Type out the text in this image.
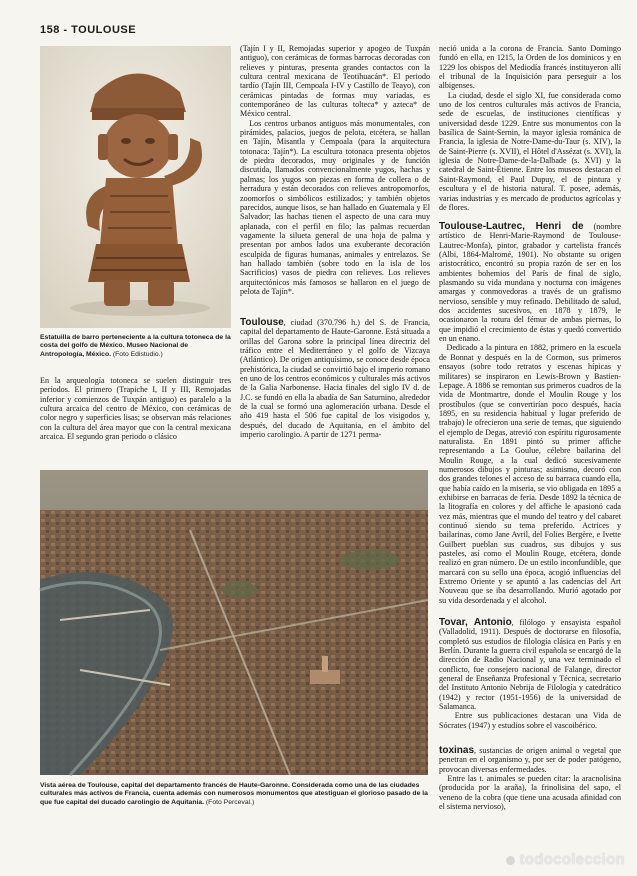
158 - TOULOUSE
Estatuilla de barro perteneciente a la cultura totoneca de la costa del golfo de México. Museo Nacional de Antropología, México. (Foto Edistudio.)
En la arqueología totoneca se suelen distinguir tres períodos. El primero (Trapiche I, II y III, Remojadas inferior y comienzos de Tuxpán antiguo) es paralelo a la cultura arcaica del centro de México, con cerámicas de color negro y superficies lisas; se observan más relaciones con la cultura del área mayor que con la central mexicana arcaica. El segundo gran periodo o clásico
(Tajín I y II, Remojadas superior y apogeo de Tuxpán antiguo), con cerámicas de formas barrocas decoradas con relieves y pinturas, presenta grandes contactos con la cultura central mexicana de Teotihuacán*. El periodo tardío (Tajín III, Cempoala I-IV y Castillo de Teayo), con cerámicas pintadas de formas muy variadas, es contemporáneo de las culturas tolteca* y azteca* de México central.
Los centros urbanos antiguos más monumentales, con pirámides, palacios, juegos de pelota, etcétera, se hallan en Tajín, Misantla y Cempoala (para la arquitectura totonaca: Tajín*). La escultura totonaca presenta objetos de piedra decorados, muy originales y de función discutida, llamados convencionalmente yugos, hachas y palmas; los yugos son piezas en forma de collera o de herradura y están decorados con relieves antropomorfos, zoomorfos o simbólicos estilizados; y también objetos parecidos, aunque lisos, se han hallado en Guatemala y El Salvador; las hachas tienen el aspecto de una cara muy aplanada, con el perfil en filo; las palmas recuerdan vagamente la silueta general de una hoja de palma y presentan por ambos lados una exuberante decoración esculpida de figuras humanas, animales y entrelazos. Se han hallado también (sobre todo en la isla de los Sacrificios) vasos de piedra con relieves. Los relieves arquitectónicos más famosos se hallaron en el juego de pelota de Tajín*.
Toulouse, ciudad (370.796 h.) del S. de Francia, capital del departamento de Haute-Garonne. Está situada a orillas del Garona sobre la principal línea directriz del tráfico entre el Mediterráneo y el golfo de Vizcaya (Atlántico). De origen antiquísimo, se conoce desde época prehistórica, la ciudad se convirtió bajo el imperio romano en uno de los centros económicos y culturales más activos de la Galia Narbonense. Hacia finales del siglo IV d. de J.C. se fundó en ella la abadía de San Saturnino, alrededor de la cual se formó una aglomeración urbana. Desde el año 419 hasta el 506 fue capital de los visigodos y, después, del ducado de Aquitania, en el ámbito del imperio carolingio. A partir de 1271 perma-
Vista aérea de Toulouse, capital del departamento francés de Haute-Garonne. Considerada como una de las ciudades culturales más activos de Francia, cuenta además con numerosos monumentos que atestiguan el glorioso pasado de la que fue capital del ducado carolingio de Aquitania. (Foto Perceval.)
neció unida a la corona de Francia. Santo Domingo fundó en ella, en 1215, la Orden de los dominicos y en 1229 los obispos del Mediodía francés instituyeron allí el tribunal de la Inquisición para perseguir a los albigenses.
La ciudad, desde el siglo XI, fue considerada como uno de los centros culturales más activos de Francia, sede de escuelas, de instituciones científicas y universidad desde 1229. Entre sus monumentos con la basílica de Saint-Sernin, la mayor iglesia románica de Francia, la iglesia de Notre-Dame-du-Taur (s. XIV), la de Saint-Pierre (s. XVII), el Hôtel d'Assézat (s. XVI), la iglesia de Notre-Dame-de-la-Dalbade (s. XVI) y la catedral de Saint-Étienne. Entre los museos destacan el Saint-Raymond, el Paul Dupuy, el de pintura y escultura y el de historia natural. T. posee, además, varias industrias y es mercado de productos agrícolas y de flores.
Toulouse-Lautrec, Henri de (nombre artístico de Henri-Marie-Raymond de Toulouse-Lautrec-Monfa), pintor, grabador y cartelista francés (Albi, 1864-Malromé, 1901). No obstante su origen aristocrático, encontró su propia razón de ser en los ambientes bohemios del París de final de siglo, plasmando su vida mundana y nocturna con imágenes amargas y conmovedoras a través de un grafismo nervioso, sensible y muy refinado. Debilitado de salud, dos accidentes sucesivos, en 1878 y 1879, le ocasionaron la rotura del fémur de ambas piernas, lo que impidió el crecimiento de éstas y quedó convertido en un enano.
Dedicado a la pintura en 1882, primero en la escuela de Bonnat y después en la de Cormon, sus primeros ensayos (sobre todo retratos y escenas hípicas y militares) se inspiraron en Lewis-Brown y Bastien-Lepage. A 1886 se remontan sus primeros cuadros de la vida de Montmartre, donde el Moulin Rouge y los prostíbulos (que se convertirían poco después, hacia 1895, en su residencia habitual y lugar preferido de trabajo) le ofrecieron una serie de temas, que siguiendo el ejemplo de Degas, atrevió con espíritu rigurosamente naturalista. En 1891 pintó su primer affiche representando a La Goulue, célebre bailarina del Moulin Rouge, a la cual dedicó sucesivamente numerosos dibujos y pinturas; asimismo, decoró con dos grandes telones el acceso de su barraca cuando ella, que había caído en la miseria, se vio obligada en 1895 a exhibirse en barracas de feria. Desde 1892 la técnica de la litografía en colores y del affiche le apasionó cada vez más, mientras que el mundo del teatro y del cabaret continuó siendo su tema preferido. Actrices y bailarinas, como Jane Avril, del Folies Bergère, e Ivette Guilbert pueblan sus cuadros, sus dibujos y sus pasteles, así como el Moulin Rouge, etcétera, donde realizó en gran número. De un estilo inconfundible, que marcará con su sello una época, acogió influencias del Extremo Oriente y se apuntó a las cadencias del Art Nouveau que se iba desarrollando. Murió agotado por su vida desordenada y el alcohol.
Tovar, Antonio, filólogo y ensayista español (Valladolid, 1911). Después de doctorarse en filosofía, completó sus estudios de filología clásica en París y en Berlín. Durante la guerra civil española se encargó de la dirección de Radio Nacional y, una vez terminado el conflicto, fue consejero nacional de Falange, director general de Enseñanza Profesional y Técnica, secretario del Instituto Antonio Nebrija de Filología y catedrático (1942) y rector (1951-1956) de la universidad de Salamanca.
Entre sus publicaciones destacan una Vida de Sócrates (1947) y estudios sobre el vascoibérico.
toxinas, sustancias de origen animal o vegetal que penetran en el organismo y, por ser de poder patógeno, provocan diversas enfermedades.
Entre las t. animales se pueden citar: la aracnolisina (producida por la araña), la frinolisina del sapo, el veneno de la cobra (que tiene una acusada afinidad con el sistema nervioso),
todocoleccion
